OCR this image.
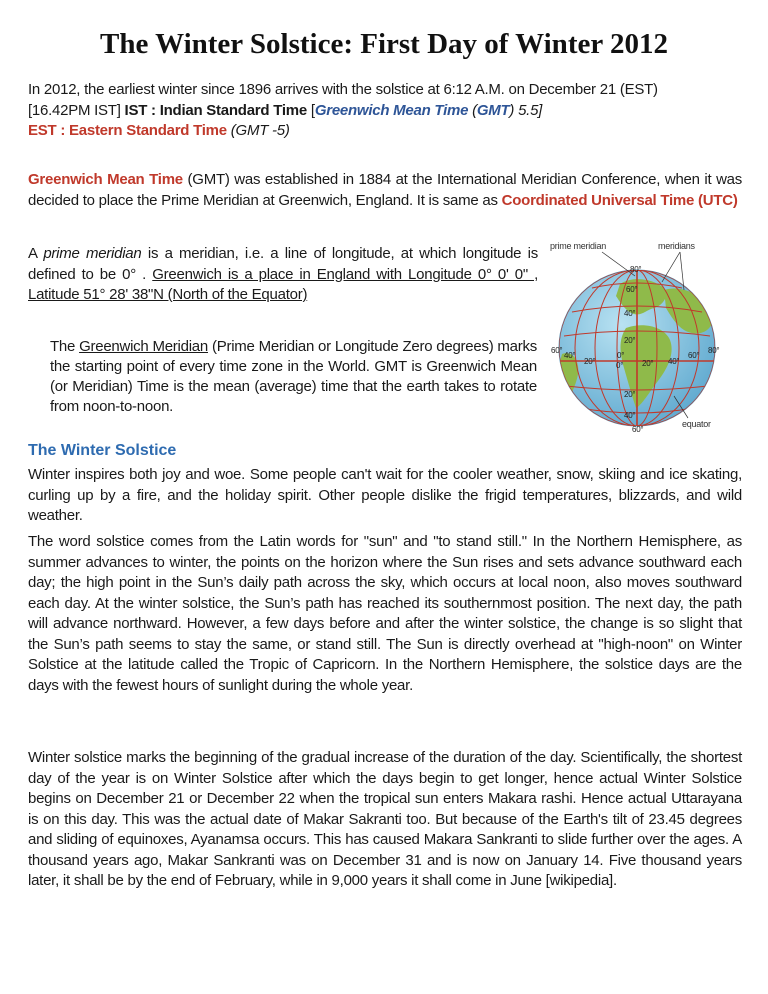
The Winter Solstice: First Day of Winter 2012
In 2012, the earliest winter since 1896 arrives with the solstice at 6:12 A.M. on December 21 (EST)
[16.42PM IST] IST : Indian Standard Time [Greenwich Mean Time (GMT) 5.5]
EST : Eastern Standard Time (GMT -5)
Greenwich Mean Time (GMT) was established in 1884 at the International Meridian Conference, when it was decided to place the Prime Meridian at Greenwich, England. It is same as Coordinated Universal Time (UTC)
A prime meridian is a meridian, i.e. a line of longitude, at which longitude is defined to be 0° . Greenwich is a place in England with Longitude 0° 0' 0" , Latitude 51° 28' 38"N (North of the Equator)
The Greenwich Meridian (Prime Meridian or Longitude Zero degrees) marks the starting point of every time zone in the World. GMT is Greenwich Mean (or Meridian) Time is the mean (average) time that the earth takes to rotate from noon-to-noon.
prime meridian	meridians
equator
80°
60°
40°
20°
0°
20°
40°
60°
60°
40°
20°
0°
20° 40°
60°
80°
The Winter Solstice
Winter inspires both joy and woe. Some people can't wait for the cooler weather, snow, skiing and ice skating, curling up by a fire, and the holiday spirit. Other people dislike the frigid temperatures, blizzards, and wild weather.
The word solstice comes from the Latin words for "sun" and "to stand still." In the Northern Hemisphere, as summer advances to winter, the points on the horizon where the Sun rises and sets advance southward each day; the high point in the Sun’s daily path across the sky, which occurs at local noon, also moves southward each day. At the winter solstice, the Sun’s path has reached its southernmost position. The next day, the path will advance northward. However, a few days before and after the winter solstice, the change is so slight that the Sun’s path seems to stay the same, or stand still. The Sun is directly overhead at "high-noon" on Winter Solstice at the latitude called the Tropic of Capricorn. In the Northern Hemisphere, the solstice days are the days with the fewest hours of sunlight during the whole year.
Winter solstice marks the beginning of the gradual increase of the duration of the day. Scientifically, the shortest day of the year is on Winter Solstice after which the days begin to get longer, hence actual Winter Solstice begins on December 21 or December 22 when the tropical sun enters Makara rashi. Hence actual Uttarayana is on this day. This was the actual date of Makar Sakranti too. But because of the Earth's tilt of 23.45 degrees and sliding of equinoxes, Ayanamsa occurs. This has caused Makara Sankranti to slide further over the ages. A thousand years ago, Makar Sankranti was on December 31 and is now on January 14. Five thousand years later, it shall be by the end of February, while in 9,000 years it shall come in June [wikipedia].
